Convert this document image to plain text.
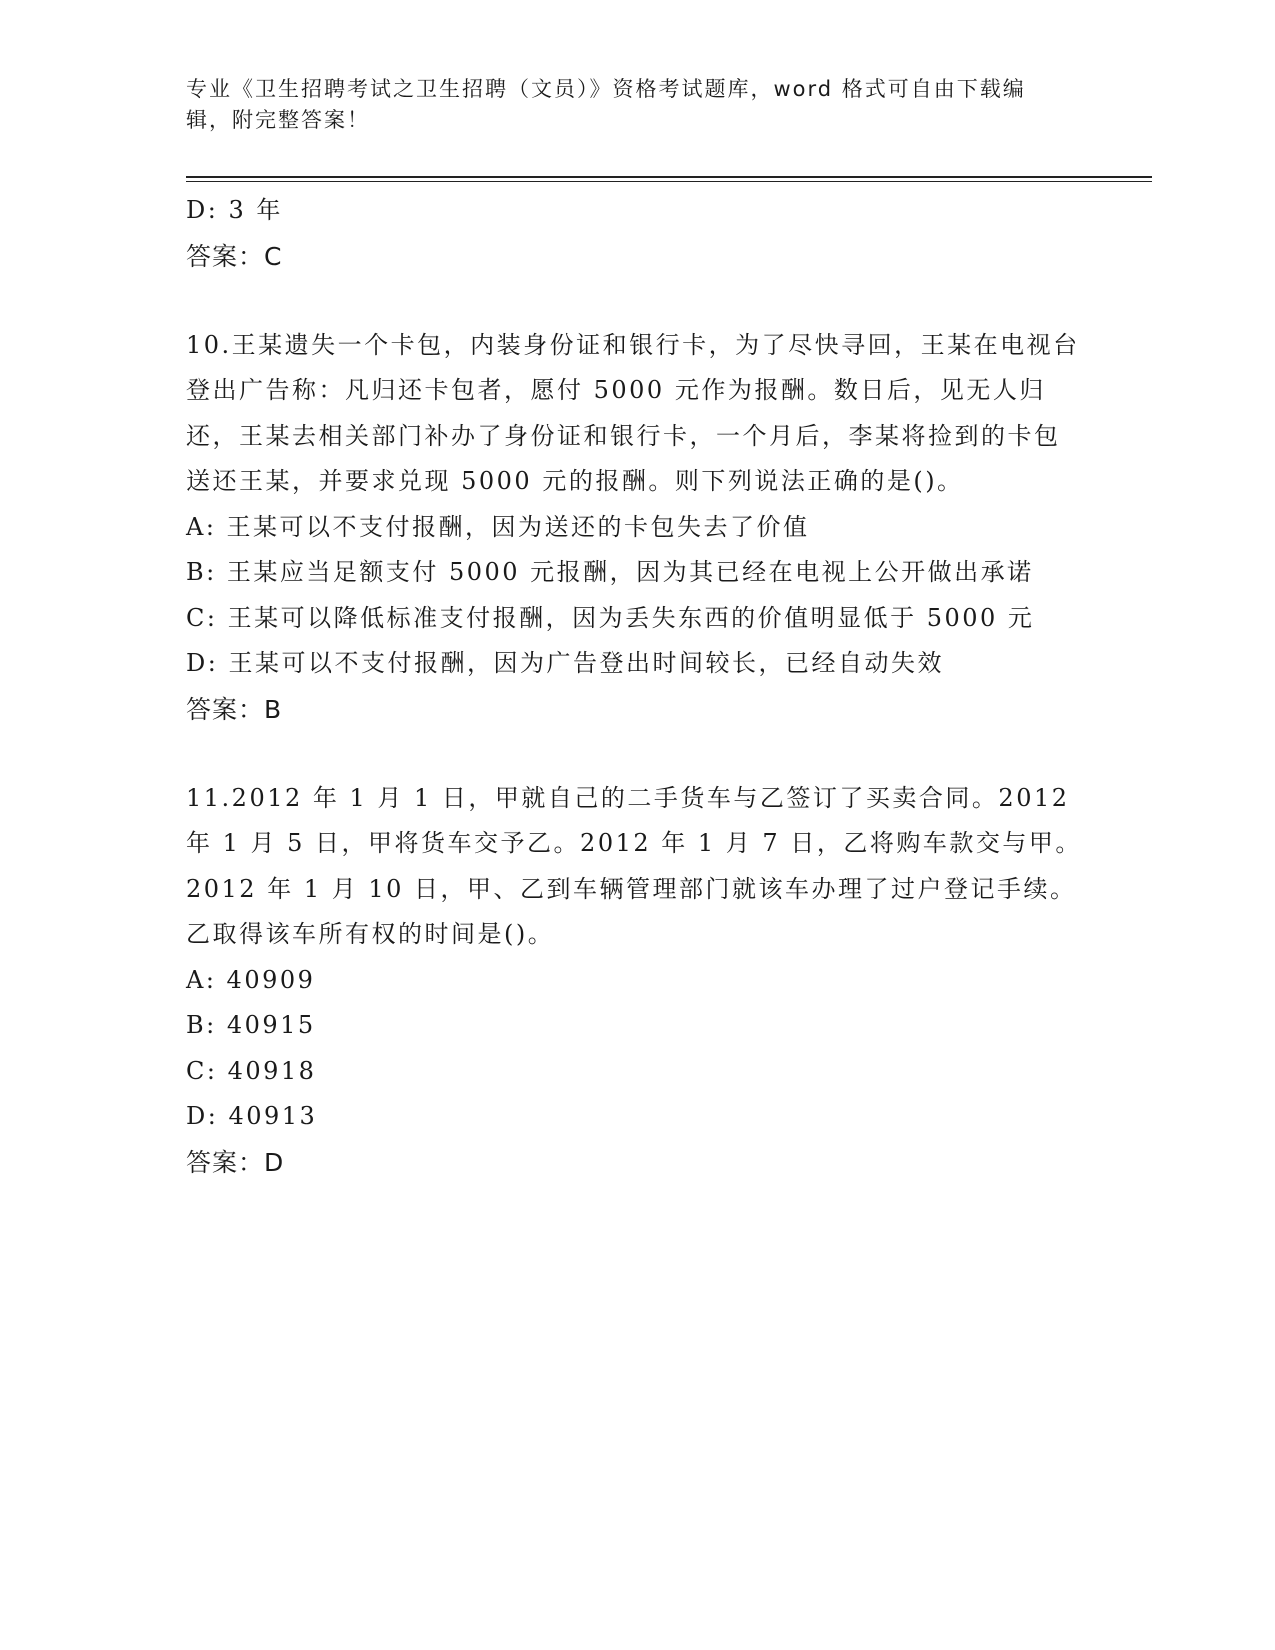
专业《卫生招聘考试之卫生招聘（文员）》资格考试题库，word 格式可自由下载编辑，附完整答案！

D: 3 年

答案：C

10.王某遗失一个卡包，内装身份证和银行卡，为了尽快寻回，王某在电视台登出广告称：凡归还卡包者，愿付 5000 元作为报酬。数日后，见无人归还，王某去相关部门补办了身份证和银行卡，一个月后，李某将捡到的卡包送还王某，并要求兑现 5000 元的报酬。则下列说法正确的是()。

A: 王某可以不支付报酬，因为送还的卡包失去了价值

B: 王某应当足额支付 5000 元报酬，因为其已经在电视上公开做出承诺

C: 王某可以降低标准支付报酬，因为丢失东西的价值明显低于 5000 元

D: 王某可以不支付报酬，因为广告登出时间较长，已经自动失效

答案：B

11.2012 年 1 月 1 日，甲就自己的二手货车与乙签订了买卖合同。2012 年 1 月 5 日，甲将货车交予乙。2012 年 1 月 7 日，乙将购车款交与甲。2012 年 1 月 10 日，甲、乙到车辆管理部门就该车办理了过户登记手续。乙取得该车所有权的时间是()。

A: 40909

B: 40915

C: 40918

D: 40913

答案：D
